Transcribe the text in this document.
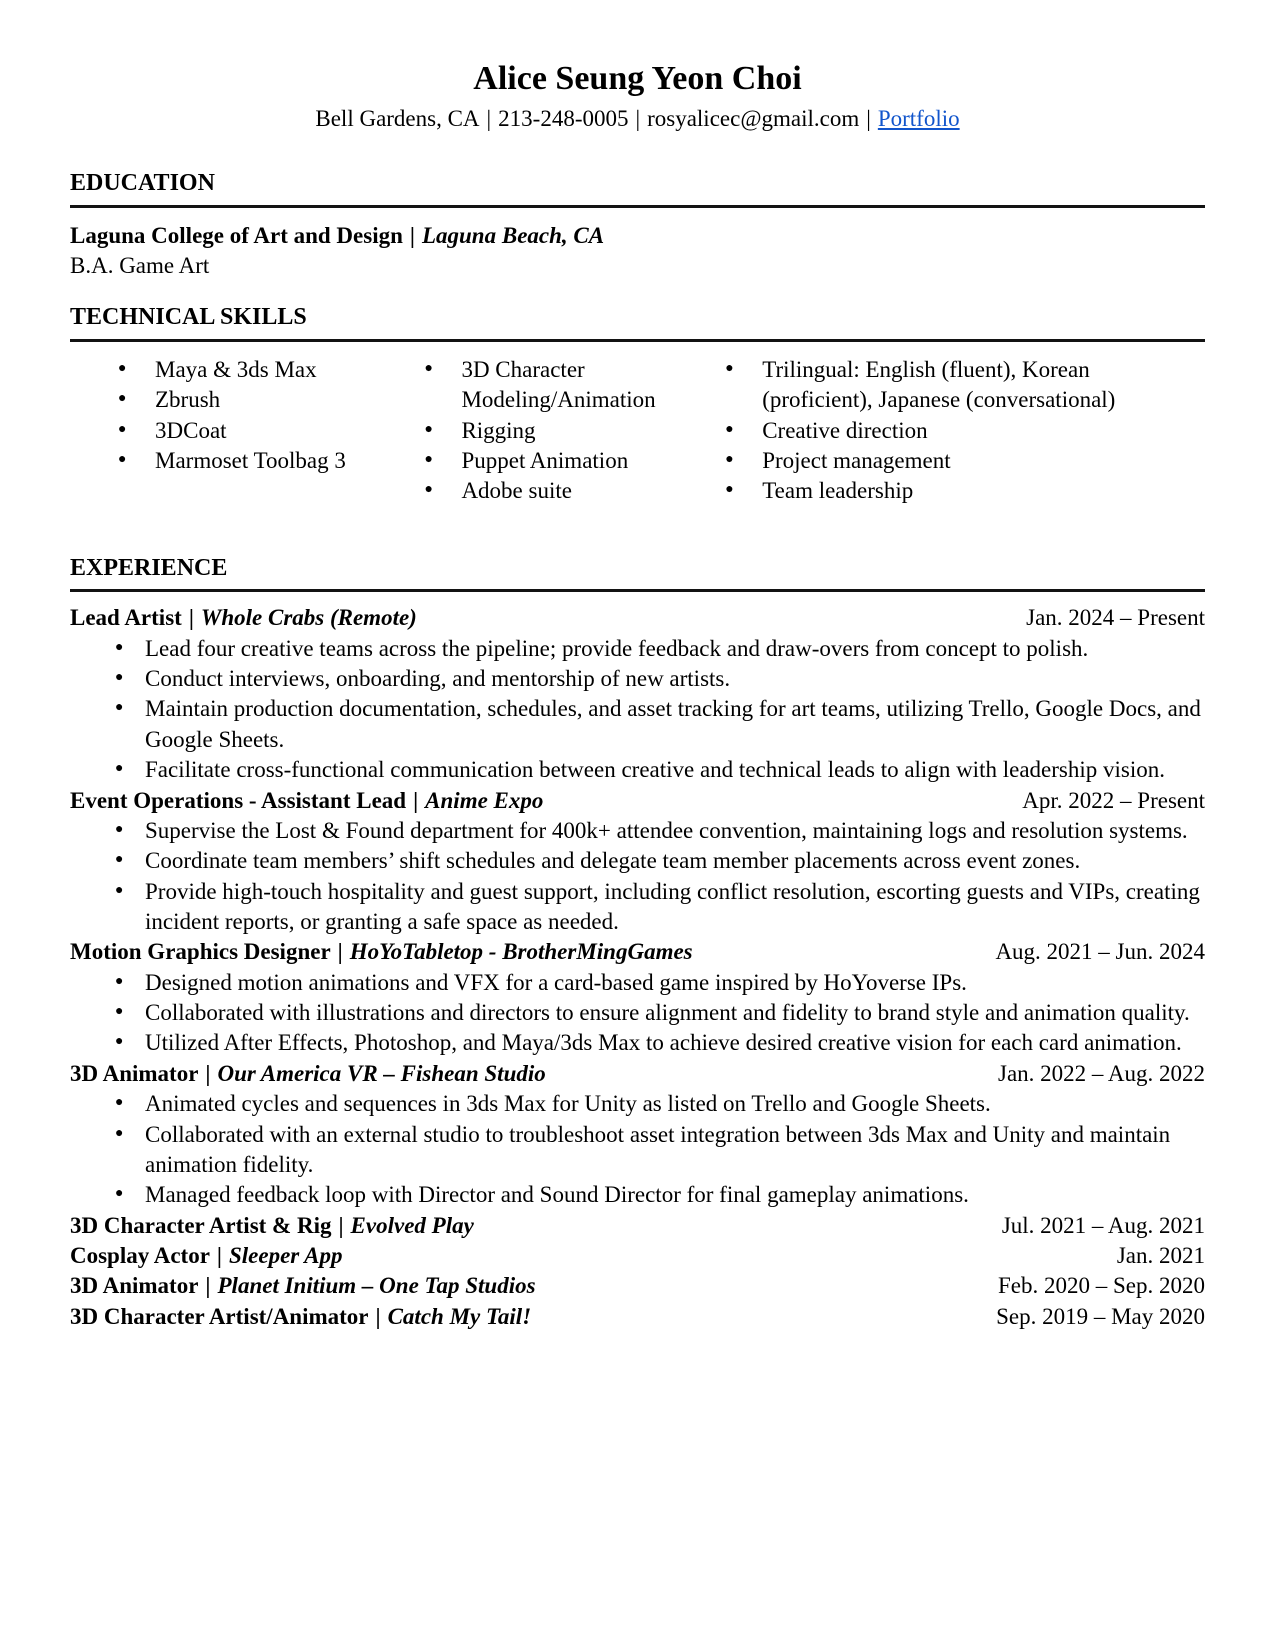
Alice Seung Yeon Choi
Bell Gardens, CA | 213-248-0005 | rosyalicec@gmail.com | Portfolio
EDUCATION
Laguna College of Art and Design | Laguna Beach, CA
B.A. Game Art
TECHNICAL SKILLS
● Maya & 3ds Max
● Zbrush
● 3DCoat
● Marmoset Toolbag 3
● 3D Character Modeling/Animation
● Rigging
● Puppet Animation
● Adobe suite
● Trilingual: English (fluent), Korean (proficient), Japanese (conversational)
● Creative direction
● Project management
● Team leadership
EXPERIENCE
Lead Artist | Whole Crabs (Remote)	Jan. 2024 – Present
● Lead four creative teams across the pipeline; provide feedback and draw-overs from concept to polish.
● Conduct interviews, onboarding, and mentorship of new artists.
● Maintain production documentation, schedules, and asset tracking for art teams, utilizing Trello, Google Docs, and Google Sheets.
● Facilitate cross-functional communication between creative and technical leads to align with leadership vision.
Event Operations - Assistant Lead | Anime Expo	Apr. 2022 – Present
● Supervise the Lost & Found department for 400k+ attendee convention, maintaining logs and resolution systems.
● Coordinate team members’ shift schedules and delegate team member placements across event zones.
● Provide high-touch hospitality and guest support, including conflict resolution, escorting guests and VIPs, creating incident reports, or granting a safe space as needed.
Motion Graphics Designer | HoYoTabletop - BrotherMingGames	Aug. 2021 – Jun. 2024
● Designed motion animations and VFX for a card-based game inspired by HoYoverse IPs.
● Collaborated with illustrations and directors to ensure alignment and fidelity to brand style and animation quality.
● Utilized After Effects, Photoshop, and Maya/3ds Max to achieve desired creative vision for each card animation.
3D Animator | Our America VR – Fishean Studio	Jan. 2022 – Aug. 2022
● Animated cycles and sequences in 3ds Max for Unity as listed on Trello and Google Sheets.
● Collaborated with an external studio to troubleshoot asset integration between 3ds Max and Unity and maintain animation fidelity.
● Managed feedback loop with Director and Sound Director for final gameplay animations.
3D Character Artist & Rig | Evolved Play	Jul. 2021 – Aug. 2021
Cosplay Actor | Sleeper App	Jan. 2021
3D Animator | Planet Initium – One Tap Studios	Feb. 2020 – Sep. 2020
3D Character Artist/Animator | Catch My Tail!	Sep. 2019 – May 2020
